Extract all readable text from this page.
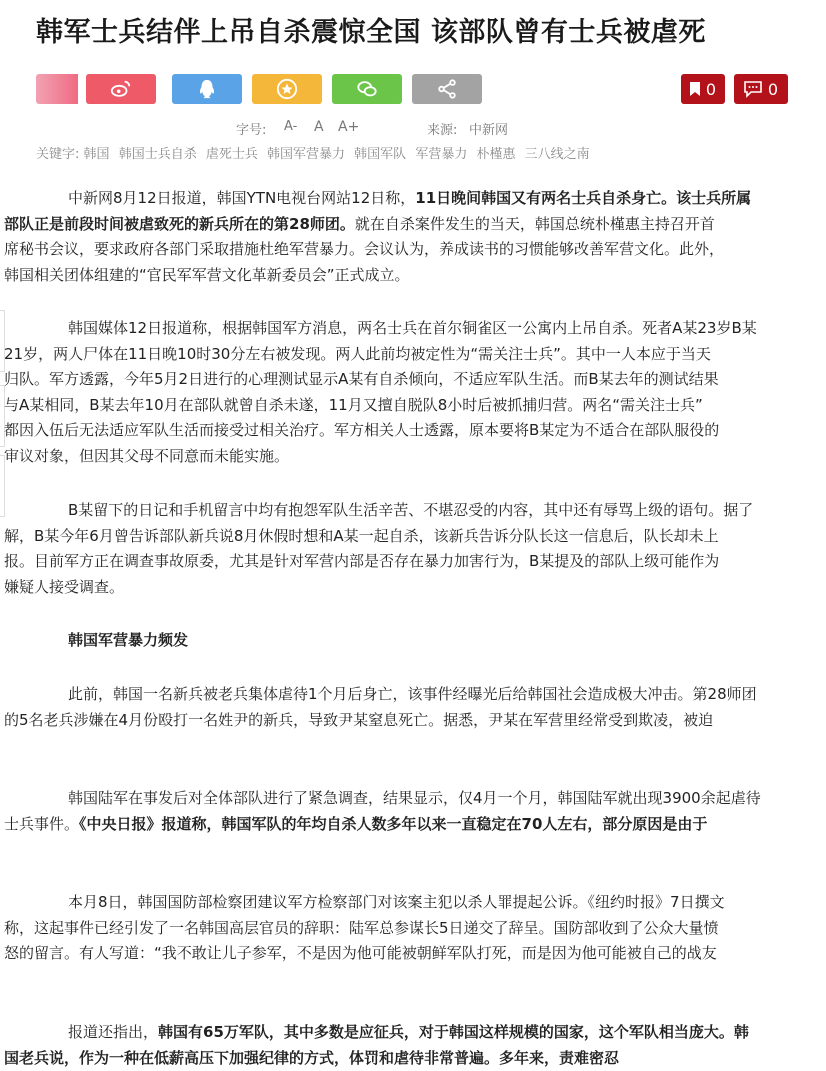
韩军士兵结伴上吊自杀震惊全国 该部队曾有士兵被虐死
0	0
字号: A- A A+	来源: 中新网
关键字: 韩国 韩国士兵自杀 虐死士兵 韩国军营暴力 韩国军队 军营暴力 朴槿惠 三八线之南

中新网8月12日报道，韩国YTN电视台网站12日称，11日晚间韩国又有两名士兵自杀身亡。该士兵所属
部队正是前段时间被虐致死的新兵所在的第28师团。就在自杀案件发生的当天，韩国总统朴槿惠主持召开首
席秘书会议，要求政府各部门采取措施杜绝军营暴力。会议认为，养成读书的习惯能够改善军营文化。此外，
韩国相关团体组建的“官民军军营文化革新委员会”正式成立。

韩国媒体12日报道称，根据韩国军方消息，两名士兵在首尔铜雀区一公寓内上吊自杀。死者A某23岁B某
21岁，两人尸体在11日晚10时30分左右被发现。两人此前均被定性为“需关注士兵”。其中一人本应于当天
归队。军方透露，今年5月2日进行的心理测试显示A某有自杀倾向，不适应军队生活。而B某去年的测试结果
与A某相同，B某去年10月在部队就曾自杀未遂，11月又擅自脱队8小时后被抓捕归营。两名“需关注士兵”
都因入伍后无法适应军队生活而接受过相关治疗。军方相关人士透露，原本要将B某定为不适合在部队服役的
审议对象，但因其父母不同意而未能实施。

B某留下的日记和手机留言中均有抱怨军队生活辛苦、不堪忍受的内容，其中还有辱骂上级的语句。据了
解，B某今年6月曾告诉部队新兵说8月休假时想和A某一起自杀，该新兵告诉分队长这一信息后，队长却未上
报。目前军方正在调查事故原委，尤其是针对军营内部是否存在暴力加害行为，B某提及的部队上级可能作为
嫌疑人接受调查。

韩国军营暴力频发

此前，韩国一名新兵被老兵集体虐待1个月后身亡，该事件经曝光后给韩国社会造成极大冲击。第28师团
的5名老兵涉嫌在4月份殴打一名姓尹的新兵，导致尹某窒息死亡。据悉，尹某在军营里经常受到欺凌，被迫

韩国陆军在事发后对全体部队进行了紧急调查，结果显示，仅4月一个月，韩国陆军就出现3900余起虐待
士兵事件。《中央日报》报道称，韩国军队的年均自杀人数多年以来一直稳定在70人左右，部分原因是由于

本月8日，韩国国防部检察团建议军方检察部门对该案主犯以杀人罪提起公诉。《纽约时报》7日撰文
称，这起事件已经引发了一名韩国高层官员的辞职：陆军总参谋长5日递交了辞呈。国防部收到了公众大量愤
怒的留言。有人写道：“我不敢让儿子参军，不是因为他可能被朝鲜军队打死，而是因为他可能被自己的战友

报道还指出，韩国有65万军队，其中多数是应征兵，对于韩国这样规模的国家，这个军队相当庞大。韩
国老兵说，作为一种在低薪高压下加强纪律的方式，体罚和虐待非常普遍。多年来，责难密忍
